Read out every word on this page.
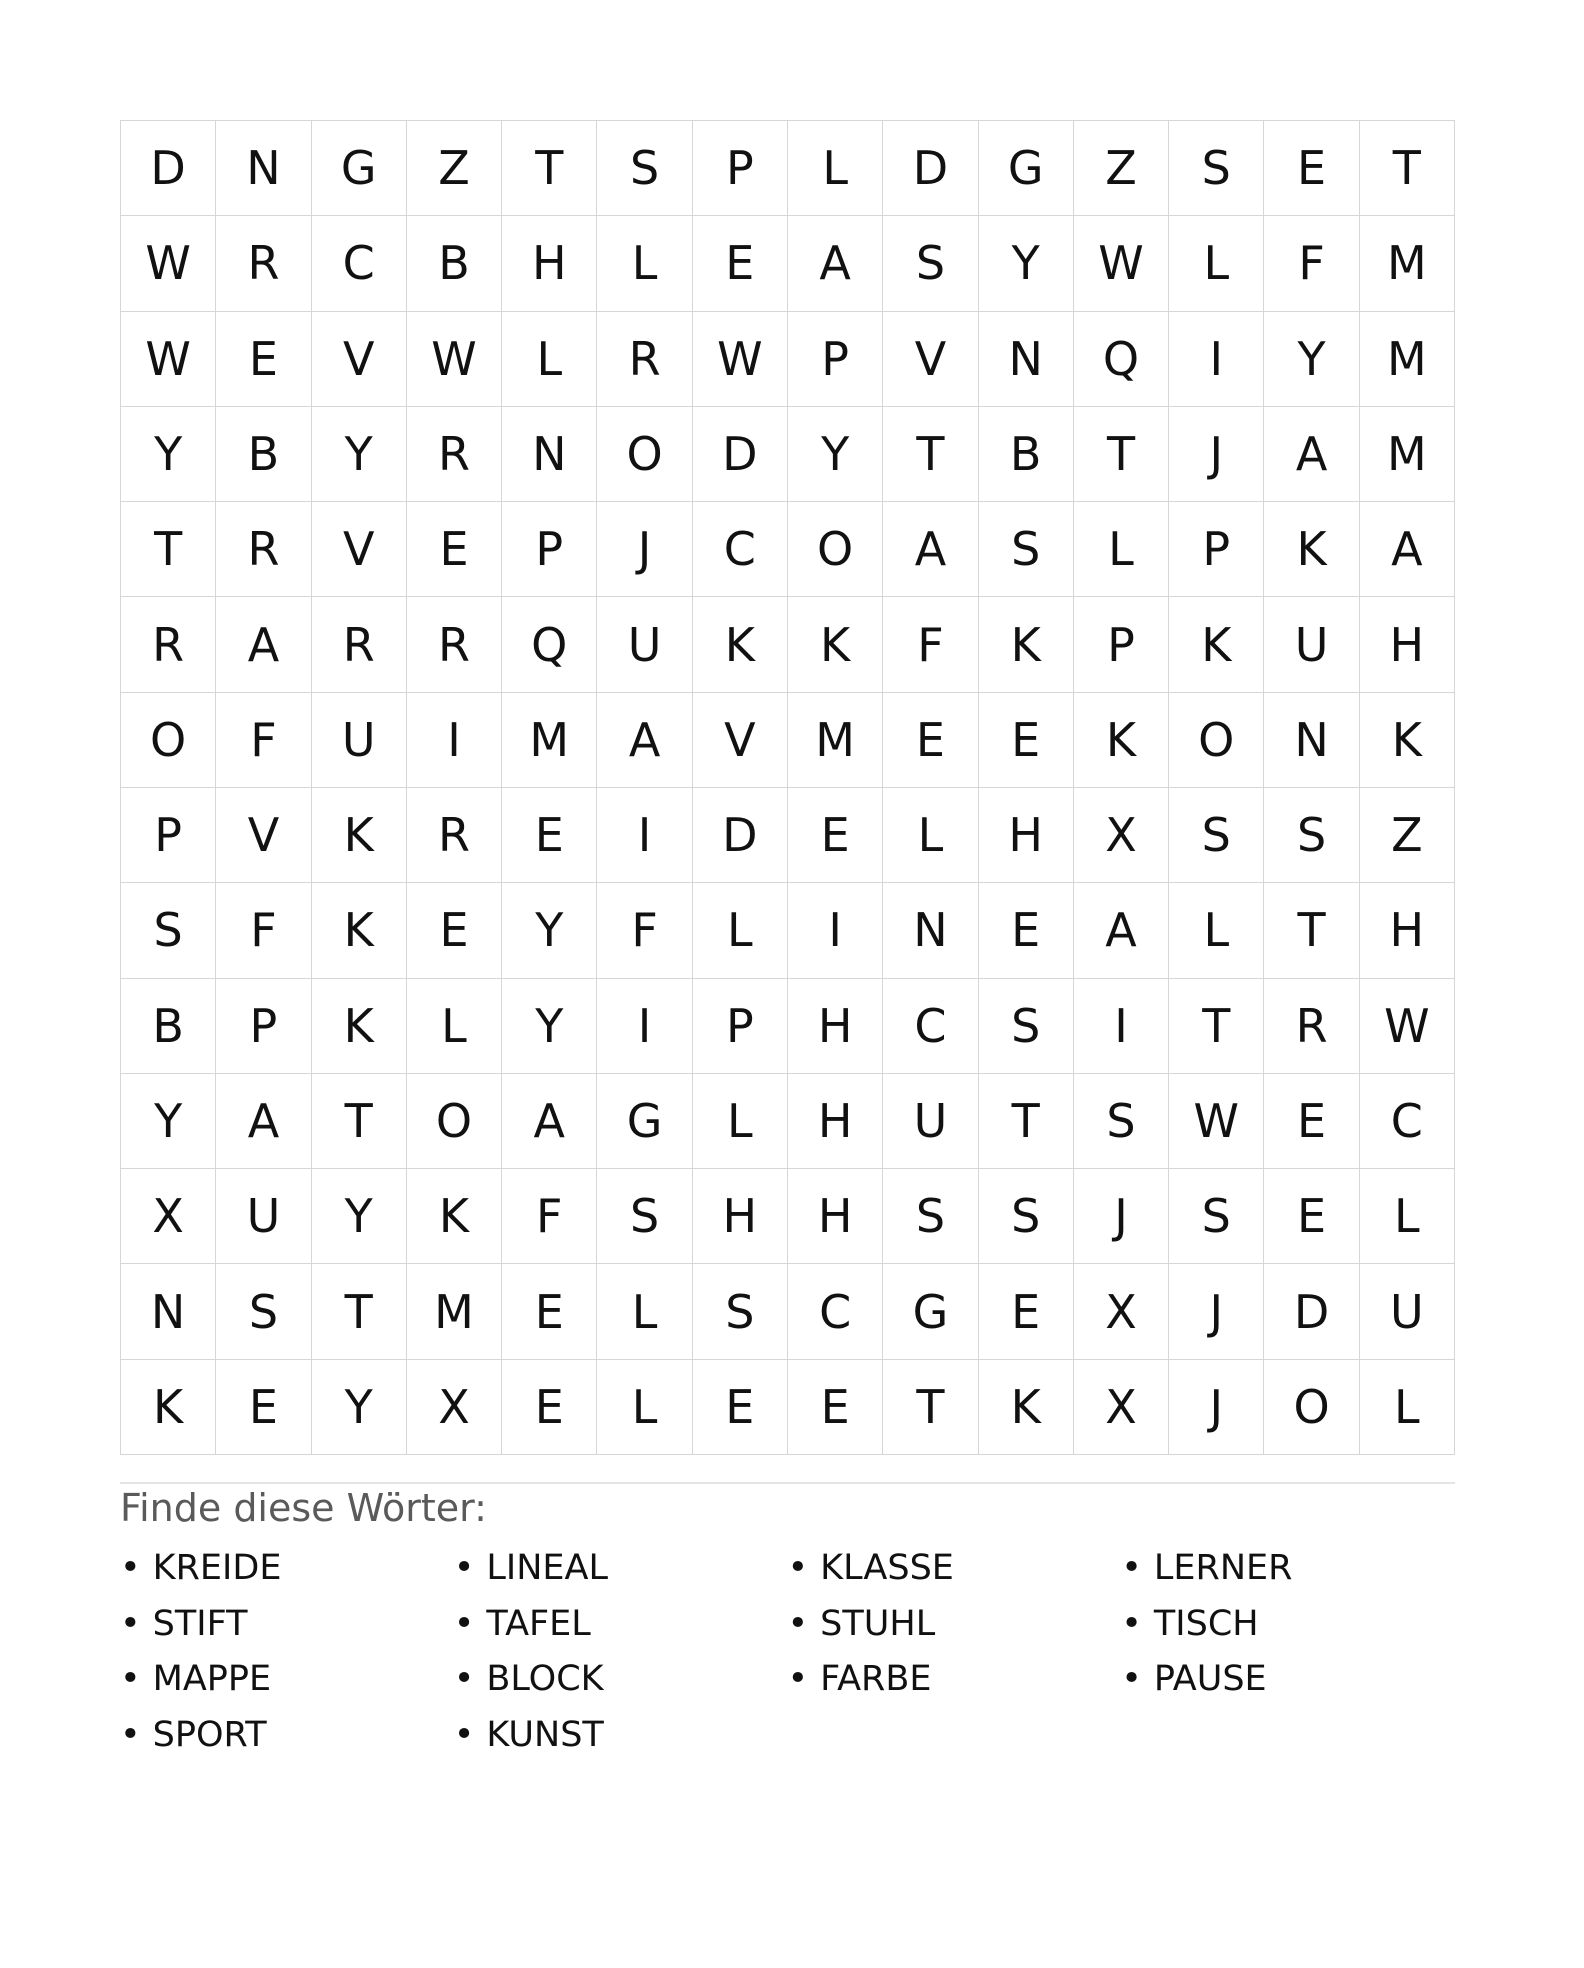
D	N	G	Z	T	S	P	L	D	G	Z	S	E	T
W	R	C	B	H	L	E	A	S	Y	W	L	F	M
W	E	V	W	L	R	W	P	V	N	Q	I	Y	M
Y	B	Y	R	N	O	D	Y	T	B	T	J	A	M
T	R	V	E	P	J	C	O	A	S	L	P	K	A
R	A	R	R	Q	U	K	K	F	K	P	K	U	H
O	F	U	I	M	A	V	M	E	E	K	O	N	K
P	V	K	R	E	I	D	E	L	H	X	S	S	Z
S	F	K	E	Y	F	L	I	N	E	A	L	T	H
B	P	K	L	Y	I	P	H	C	S	I	T	R	W
Y	A	T	O	A	G	L	H	U	T	S	W	E	C
X	U	Y	K	F	S	H	H	S	S	J	S	E	L
N	S	T	M	E	L	S	C	G	E	X	J	D	U
K	E	Y	X	E	L	E	E	T	K	X	J	O	L
Finde diese Wörter:
• KREIDE	• LINEAL	• KLASSE	• LERNER
• STIFT	• TAFEL	• STUHL	• TISCH
• MAPPE	• BLOCK	• FARBE	• PAUSE
• SPORT	• KUNST
